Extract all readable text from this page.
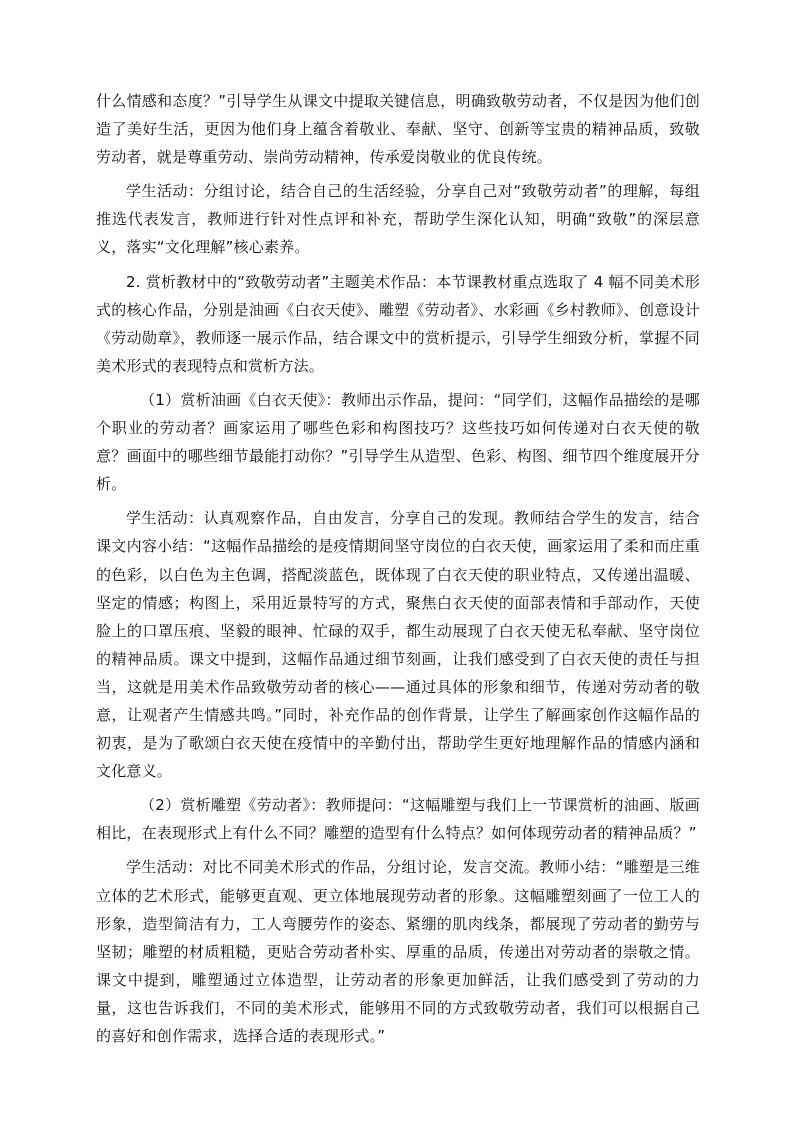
什么情感和态度？”引导学生从课文中提取关键信息，明确致敬劳动者，不仅是因为他们创造了美好生活，更因为他们身上蕴含着敬业、奉献、坚守、创新等宝贵的精神品质，致敬劳动者，就是尊重劳动、崇尚劳动精神，传承爱岗敬业的优良传统。

学生活动：分组讨论，结合自己的生活经验，分享自己对“致敬劳动者”的理解，每组推选代表发言，教师进行针对性点评和补充，帮助学生深化认知，明确“致敬”的深层意义，落实“文化理解”核心素养。

2. 赏析教材中的“致敬劳动者”主题美术作品：本节课教材重点选取了 4 幅不同美术形式的核心作品，分别是油画《白衣天使》、雕塑《劳动者》、水彩画《乡村教师》、创意设计《劳动勋章》，教师逐一展示作品，结合课文中的赏析提示，引导学生细致分析，掌握不同美术形式的表现特点和赏析方法。

（1）赏析油画《白衣天使》：教师出示作品，提问：“同学们，这幅作品描绘的是哪个职业的劳动者？画家运用了哪些色彩和构图技巧？这些技巧如何传递对白衣天使的敬意？画面中的哪些细节最能打动你？”引导学生从造型、色彩、构图、细节四个维度展开分析。

学生活动：认真观察作品，自由发言，分享自己的发现。教师结合学生的发言，结合课文内容小结：“这幅作品描绘的是疫情期间坚守岗位的白衣天使，画家运用了柔和而庄重的色彩，以白色为主色调，搭配淡蓝色，既体现了白衣天使的职业特点，又传递出温暖、坚定的情感；构图上，采用近景特写的方式，聚焦白衣天使的面部表情和手部动作，天使脸上的口罩压痕、坚毅的眼神、忙碌的双手，都生动展现了白衣天使无私奉献、坚守岗位的精神品质。课文中提到，这幅作品通过细节刻画，让我们感受到了白衣天使的责任与担当，这就是用美术作品致敬劳动者的核心——通过具体的形象和细节，传递对劳动者的敬意，让观者产生情感共鸣。”同时，补充作品的创作背景，让学生了解画家创作这幅作品的初衷，是为了歌颂白衣天使在疫情中的辛勤付出，帮助学生更好地理解作品的情感内涵和文化意义。

（2）赏析雕塑《劳动者》：教师提问：“这幅雕塑与我们上一节课赏析的油画、版画相比，在表现形式上有什么不同？雕塑的造型有什么特点？如何体现劳动者的精神品质？”

学生活动：对比不同美术形式的作品，分组讨论，发言交流。教师小结：“雕塑是三维立体的艺术形式，能够更直观、更立体地展现劳动者的形象。这幅雕塑刻画了一位工人的形象，造型简洁有力，工人弯腰劳作的姿态、紧绷的肌肉线条，都展现了劳动者的勤劳与坚韧；雕塑的材质粗糙，更贴合劳动者朴实、厚重的品质，传递出对劳动者的崇敬之情。课文中提到，雕塑通过立体造型，让劳动者的形象更加鲜活，让我们感受到了劳动的力量，这也告诉我们，不同的美术形式，能够用不同的方式致敬劳动者，我们可以根据自己的喜好和创作需求，选择合适的表现形式。”
